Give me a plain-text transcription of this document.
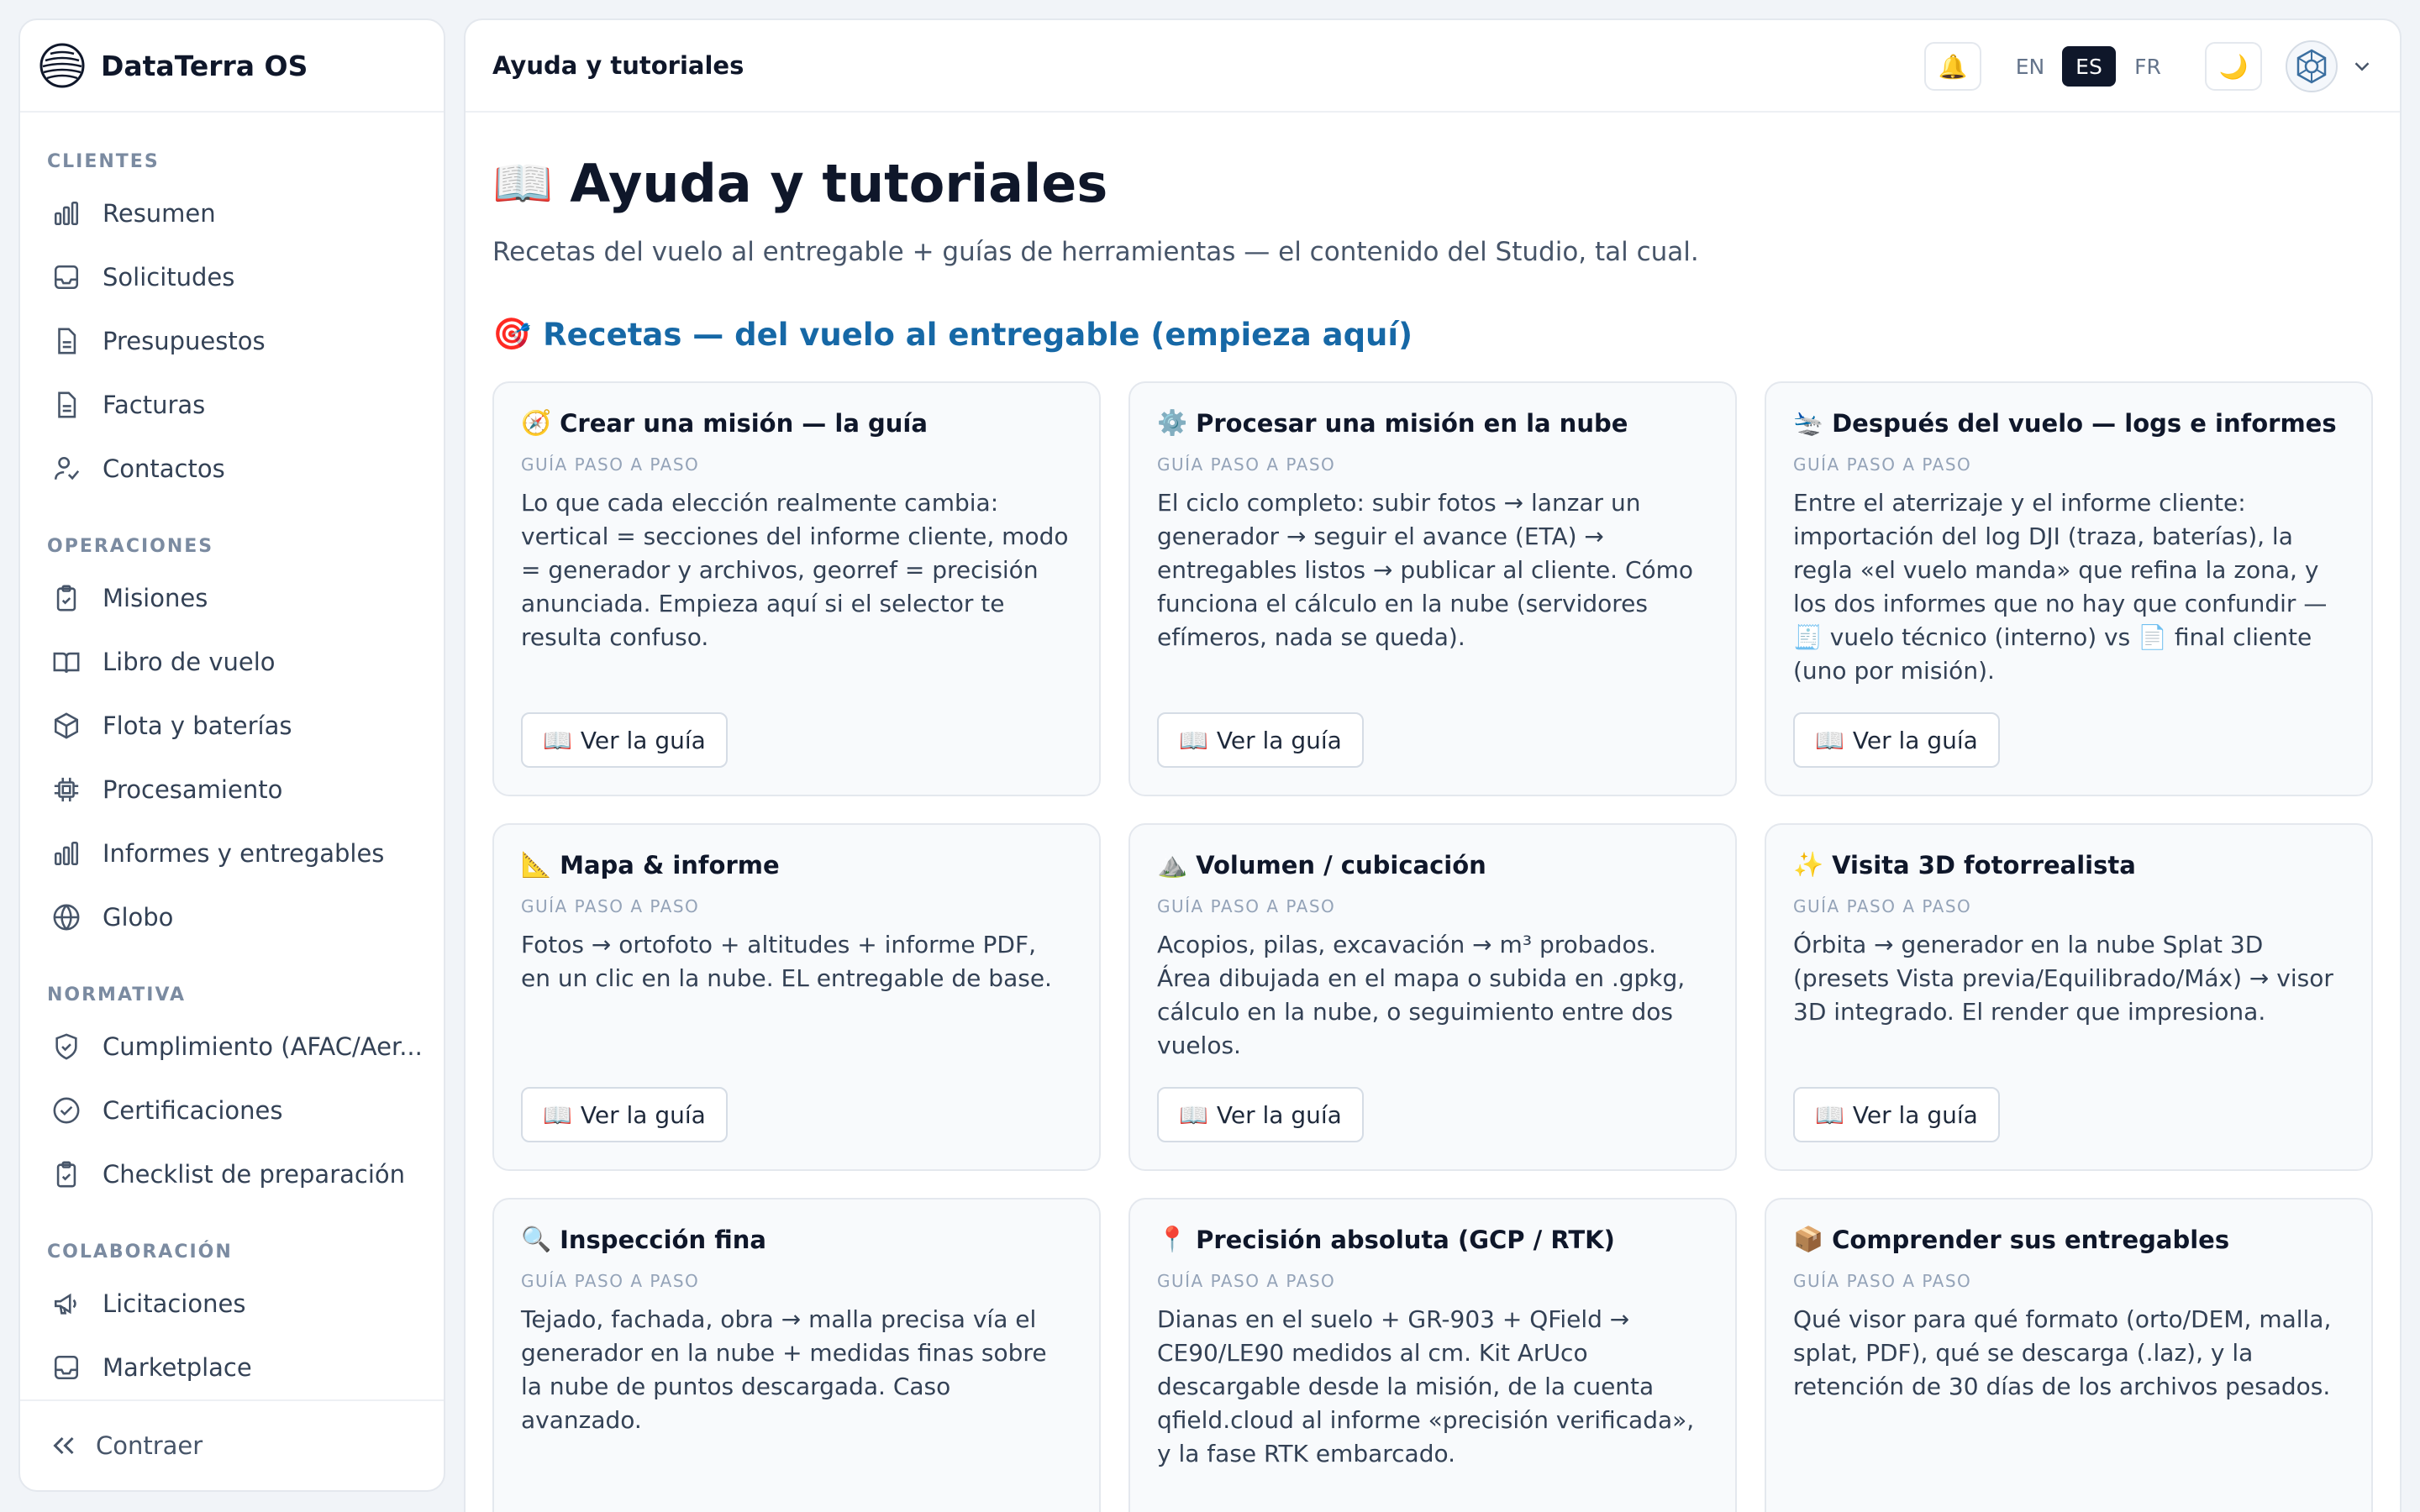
DataTerra OS
CLIENTES
Resumen
Solicitudes
Presupuestos
Facturas
Contactos
OPERACIONES
Misiones
Libro de vuelo
Flota y baterías
Procesamiento
Informes y entregables
Globo
NORMATIVA
Cumplimiento (AFAC/Aer...
Certificaciones
Checklist de preparación
COLABORACIÓN
Licitaciones
Marketplace
Contraer
Ayuda y tutoriales	🔔	EN	ES	FR	🌙
📖 Ayuda y tutoriales
Recetas del vuelo al entregable + guías de herramientas — el contenido del Studio, tal cual.
🎯 Recetas — del vuelo al entregable (empieza aquí)
🧭 Crear una misión — la guía
GUÍA PASO A PASO
Lo que cada elección realmente cambia: vertical = secciones del informe cliente, modo = generador y archivos, georref = precisión anunciada. Empieza aquí si el selector te resulta confuso.
📖 Ver la guía
⚙️ Procesar una misión en la nube
GUÍA PASO A PASO
El ciclo completo: subir fotos → lanzar un generador → seguir el avance (ETA) → entregables listos → publicar al cliente. Cómo funciona el cálculo en la nube (servidores efímeros, nada se queda).
📖 Ver la guía
🛬 Después del vuelo — logs e informes
GUÍA PASO A PASO
Entre el aterrizaje y el informe cliente: importación del log DJI (traza, baterías), la regla «el vuelo manda» que refina la zona, y los dos informes que no hay que confundir — 🧾 vuelo técnico (interno) vs 📄 final cliente (uno por misión).
📖 Ver la guía
📐 Mapa & informe
GUÍA PASO A PASO
Fotos → ortofoto + altitudes + informe PDF, en un clic en la nube. EL entregable de base.
📖 Ver la guía
⛰️ Volumen / cubicación
GUÍA PASO A PASO
Acopios, pilas, excavación → m³ probados. Área dibujada en el mapa o subida en .gpkg, cálculo en la nube, o seguimiento entre dos vuelos.
📖 Ver la guía
✨ Visita 3D fotorrealista
GUÍA PASO A PASO
Órbita → generador en la nube Splat 3D (presets Vista previa/Equilibrado/Máx) → visor 3D integrado. El render que impresiona.
📖 Ver la guía
🔍 Inspección fina
GUÍA PASO A PASO
Tejado, fachada, obra → malla precisa vía el generador en la nube + medidas finas sobre la nube de puntos descargada. Caso avanzado.
📍 Precisión absoluta (GCP / RTK)
GUÍA PASO A PASO
Dianas en el suelo + GR-903 + QField → CE90/LE90 medidos al cm. Kit ArUco descargable desde la misión, de la cuenta qfield.cloud al informe «precisión verificada», y la fase RTK embarcado.
📦 Comprender sus entregables
GUÍA PASO A PASO
Qué visor para qué formato (orto/DEM, malla, splat, PDF), qué se descarga (.laz), y la retención de 30 días de los archivos pesados.
